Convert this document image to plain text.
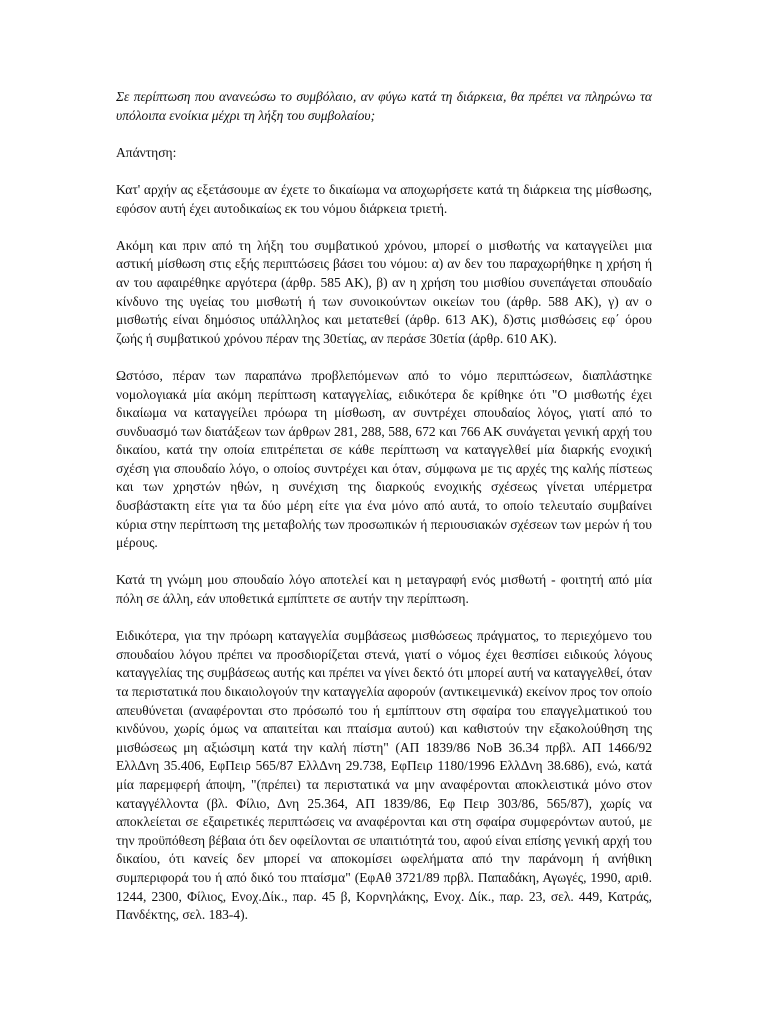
Σε περίπτωση που ανανεώσω το συμβόλαιο, αν φύγω κατά τη διάρκεια, θα πρέπει να πληρώνω τα υπόλοιπα ενοίκια μέχρι τη λήξη του συμβολαίου;

Απάντηση:

Κατ' αρχήν ας εξετάσουμε αν έχετε το δικαίωμα να αποχωρήσετε κατά τη διάρκεια της μίσθωσης, εφόσον αυτή έχει αυτοδικαίως εκ του νόμου διάρκεια τριετή.

Ακόμη και πριν από τη λήξη του συμβατικού χρόνου, μπορεί ο μισθωτής να καταγγείλει μια αστική μίσθωση στις εξής περιπτώσεις βάσει του νόμου: α) αν δεν του παραχωρήθηκε η χρήση ή αν του αφαιρέθηκε αργότερα (άρθρ. 585 ΑΚ), β) αν η χρήση του μισθίου συνεπάγεται σπουδαίο κίνδυνο της υγείας του μισθωτή ή των συνοικούντων οικείων του (άρθρ. 588 ΑΚ), γ) αν ο μισθωτής είναι δημόσιος υπάλληλος και μετατεθεί (άρθρ. 613 ΑΚ), δ)στις μισθώσεις εφ΄ όρου ζωής ή συμβατικού χρόνου πέραν της 30ετίας, αν περάσε 30ετία (άρθρ. 610 ΑΚ).

Ωστόσο, πέραν των παραπάνω προβλεπόμενων από το νόμο περιπτώσεων, διαπλάστηκε νομολογιακά μία ακόμη περίπτωση καταγγελίας, ειδικότερα δε κρίθηκε ότι "Ο μισθωτής έχει δικαίωμα να καταγγείλει πρόωρα τη μίσθωση, αν συντρέχει σπουδαίος λόγος, γιατί από το συνδυασμό των διατάξεων των άρθρων 281, 288, 588, 672 και 766 ΑΚ συνάγεται γενική αρχή του δικαίου, κατά την οποία επιτρέπεται σε κάθε περίπτωση να καταγγελθεί μία διαρκής ενοχική σχέση για σπουδαίο λόγο, ο οποίος συντρέχει και όταν, σύμφωνα με τις αρχές της καλής πίστεως και των χρηστών ηθών, η συνέχιση της διαρκούς ενοχικής σχέσεως γίνεται υπέρμετρα δυσβάστακτη είτε για τα δύο μέρη είτε για ένα μόνο από αυτά, το οποίο τελευταίο συμβαίνει κύρια στην περίπτωση της μεταβολής των προσωπικών ή περιουσιακών σχέσεων των μερών ή του μέρους.

Κατά τη γνώμη μου σπουδαίο λόγο αποτελεί και η μεταγραφή ενός μισθωτή - φοιτητή από μία πόλη σε άλλη, εάν υποθετικά εμπίπτετε σε αυτήν την περίπτωση.

Ειδικότερα, για την πρόωρη καταγγελία συμβάσεως μισθώσεως πράγματος, το περιεχόμενο του σπουδαίου λόγου πρέπει να προσδιορίζεται στενά, γιατί ο νόμος έχει θεσπίσει ειδικούς λόγους καταγγελίας της συμβάσεως αυτής και πρέπει να γίνει δεκτό ότι μπορεί αυτή να καταγγελθεί, όταν τα περιστατικά που δικαιολογούν την καταγγελία αφορούν (αντικειμενικά) εκείνον προς τον οποίο απευθύνεται (αναφέρονται στο πρόσωπό του ή εμπίπτουν στη σφαίρα του επαγγελματικού του κινδύνου, χωρίς όμως να απαιτείται και πταίσμα αυτού) και καθιστούν την εξακολούθηση της μισθώσεως μη αξιώσιμη κατά την καλή πίστη" (ΑΠ 1839/86 ΝοΒ 36.34 πρβλ. ΑΠ 1466/92 ΕλλΔνη 35.406, ΕφΠειρ 565/87 ΕλλΔνη 29.738, ΕφΠειρ 1180/1996 ΕλλΔνη 38.686), ενώ, κατά μία παρεμφερή άποψη, "(πρέπει) τα περιστατικά να μην αναφέρονται αποκλειστικά μόνο στον καταγγέλλοντα (βλ. Φίλιο, Δνη 25.364, ΑΠ 1839/86, Εφ Πειρ 303/86, 565/87), χωρίς να αποκλείεται σε εξαιρετικές περιπτώσεις να αναφέρονται και στη σφαίρα συμφερόντων αυτού, με την προϋπόθεση βέβαια ότι δεν οφείλονται σε υπαιτιότητά του, αφού είναι επίσης γενική αρχή του δικαίου, ότι κανείς δεν μπορεί να αποκομίσει ωφελήματα από την παράνομη ή ανήθικη συμπεριφορά του ή από δικό του πταίσμα" (ΕφΑθ 3721/89 πρβλ. Παπαδάκη, Αγωγές, 1990, αριθ. 1244, 2300, Φίλιος, Ενοχ.Δίκ., παρ. 45 β, Κορνηλάκης, Ενοχ. Δίκ., παρ. 23, σελ. 449, Κατράς, Πανδέκτης, σελ. 183-4).
